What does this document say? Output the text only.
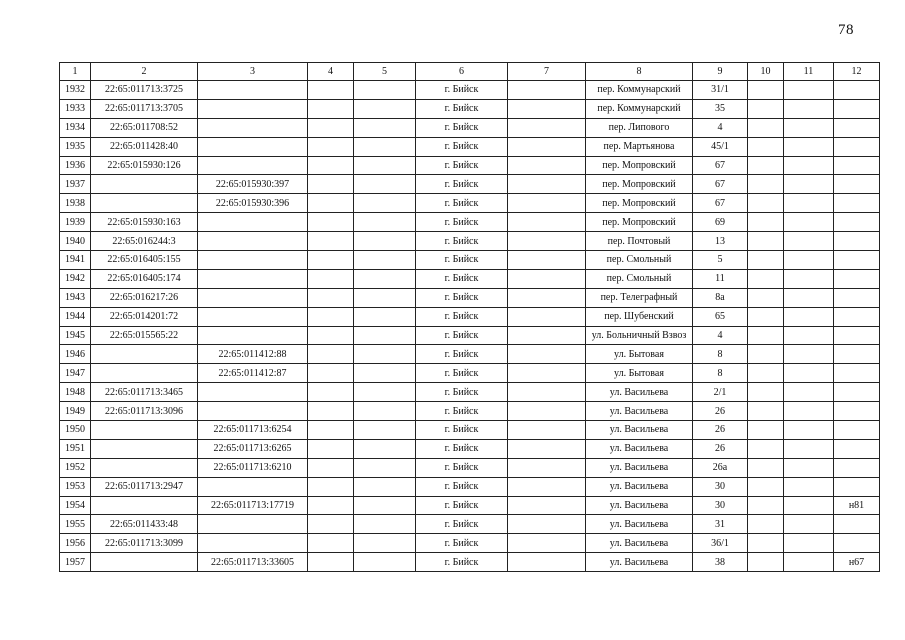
78
1	2	3	4	5	6	7	8	9	10	11	12
1932	22:65:011713:3725				г. Бийск		пер. Коммунарский	31/1			
1933	22:65:011713:3705				г. Бийск		пер. Коммунарский	35			
1934	22:65:011708:52				г. Бийск		пер. Липового	4			
1935	22:65:011428:40				г. Бийск		пер. Мартьянова	45/1			
1936	22:65:015930:126				г. Бийск		пер. Мопровский	67			
1937		22:65:015930:397			г. Бийск		пер. Мопровский	67			
1938		22:65:015930:396			г. Бийск		пер. Мопровский	67			
1939	22:65:015930:163				г. Бийск		пер. Мопровский	69			
1940	22:65:016244:3				г. Бийск		пер. Почтовый	13			
1941	22:65:016405:155				г. Бийск		пер. Смольный	5			
1942	22:65:016405:174				г. Бийск		пер. Смольный	11			
1943	22:65:016217:26				г. Бийск		пер. Телеграфный	8а			
1944	22:65:014201:72				г. Бийск		пер. Шубенский	65			
1945	22:65:015565:22				г. Бийск		ул. Больничный Взвоз	4			
1946		22:65:011412:88			г. Бийск		ул. Бытовая	8			
1947		22:65:011412:87			г. Бийск		ул. Бытовая	8			
1948	22:65:011713:3465				г. Бийск		ул. Васильева	2/1			
1949	22:65:011713:3096				г. Бийск		ул. Васильева	26			
1950		22:65:011713:6254			г. Бийск		ул. Васильева	26			
1951		22:65:011713:6265			г. Бийск		ул. Васильева	26			
1952		22:65:011713:6210			г. Бийск		ул. Васильева	26а			
1953	22:65:011713:2947				г. Бийск		ул. Васильева	30			
1954		22:65:011713:17719			г. Бийск		ул. Васильева	30			н81
1955	22:65:011433:48				г. Бийск		ул. Васильева	31			
1956	22:65:011713:3099				г. Бийск		ул. Васильева	36/1			
1957		22:65:011713:33605			г. Бийск		ул. Васильева	38			н67
